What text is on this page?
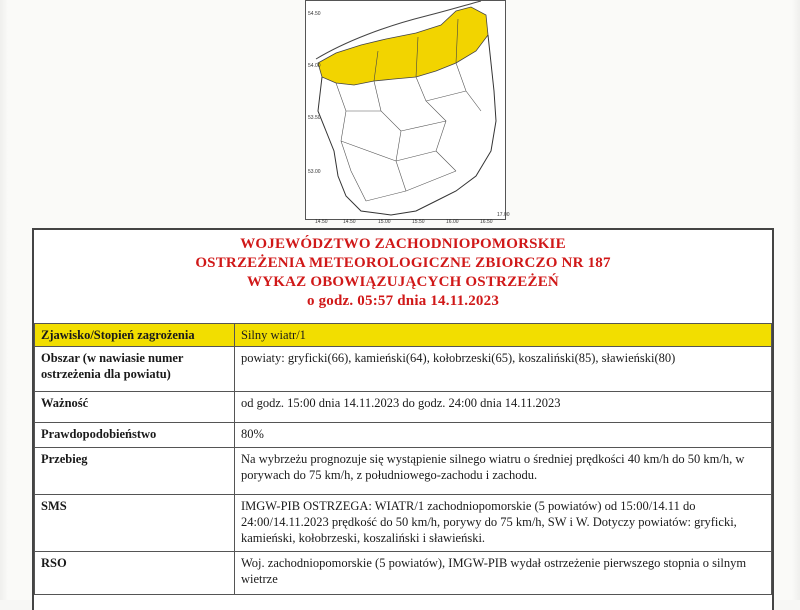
54.50
54.00
53.50
53.00
14.50	14.50	15.00	15.50	16.00	16.50
17.00
WOJEWÓDZTWO ZACHODNIOPOMORSKIE
OSTRZEŻENIA METEOROLOGICZNE ZBIORCZO NR 187
WYKAZ OBOWIĄZUJĄCYCH OSTRZEŻEŃ
o godz. 05:57 dnia 14.11.2023
Zjawisko/Stopień zagrożenia	Silny wiatr/1
Obszar (w nawiasie numer ostrzeżenia dla powiatu)	powiaty: gryficki(66), kamieński(64), kołobrzeski(65), koszaliński(85), sławieński(80)
Ważność	od godz. 15:00 dnia 14.11.2023 do godz. 24:00 dnia 14.11.2023
Prawdopodobieństwo	80%
Przebieg	Na wybrzeżu prognozuje się wystąpienie silnego wiatru o średniej prędkości 40 km/h do 50 km/h, w porywach do 75 km/h, z południowego-zachodu i zachodu.
SMS	IMGW-PIB OSTRZEGA: WIATR/1 zachodniopomorskie (5 powiatów) od 15:00/14.11 do 24:00/14.11.2023 prędkość do 50 km/h, porywy do 75 km/h, SW i W. Dotyczy powiatów: gryficki, kamieński, kołobrzeski, koszaliński i sławieński.
RSO	Woj. zachodniopomorskie (5 powiatów), IMGW-PIB wydał ostrzeżenie pierwszego stopnia o silnym wietrze
